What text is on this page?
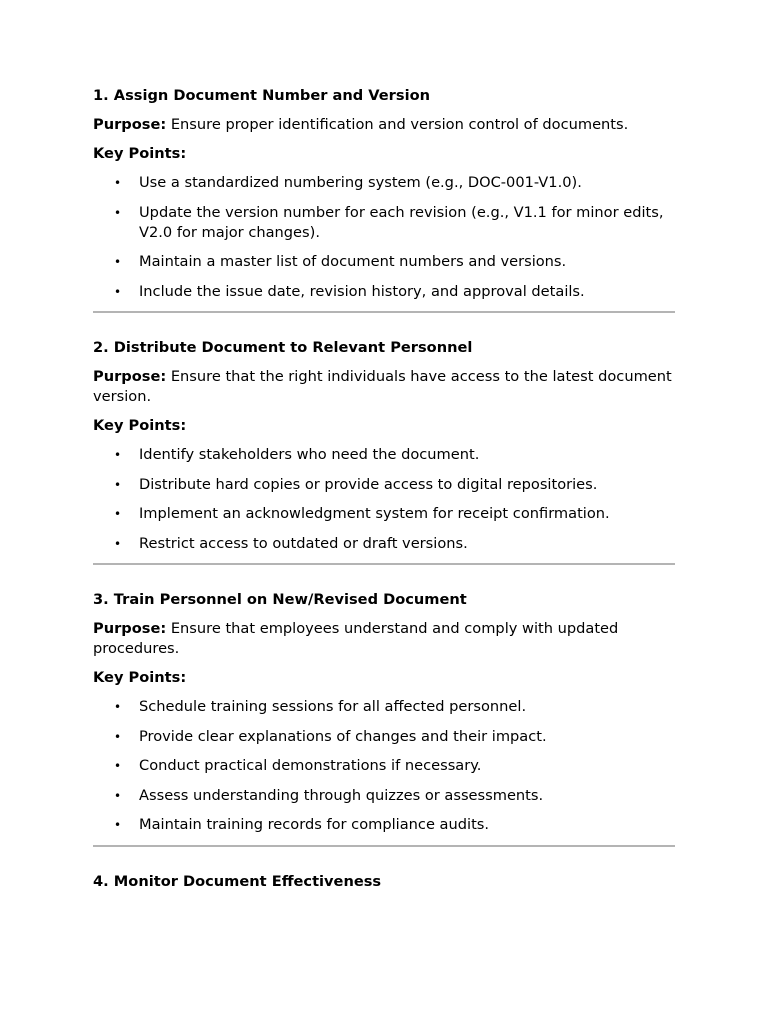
1. Assign Document Number and Version
Purpose: Ensure proper identification and version control of documents.
Key Points:
• Use a standardized numbering system (e.g., DOC-001-V1.0).
• Update the version number for each revision (e.g., V1.1 for minor edits, V2.0 for major changes).
• Maintain a master list of document numbers and versions.
• Include the issue date, revision history, and approval details.
2. Distribute Document to Relevant Personnel
Purpose: Ensure that the right individuals have access to the latest document version.
Key Points:
• Identify stakeholders who need the document.
• Distribute hard copies or provide access to digital repositories.
• Implement an acknowledgment system for receipt confirmation.
• Restrict access to outdated or draft versions.
3. Train Personnel on New/Revised Document
Purpose: Ensure that employees understand and comply with updated procedures.
Key Points:
• Schedule training sessions for all affected personnel.
• Provide clear explanations of changes and their impact.
• Conduct practical demonstrations if necessary.
• Assess understanding through quizzes or assessments.
• Maintain training records for compliance audits.
4. Monitor Document Effectiveness
